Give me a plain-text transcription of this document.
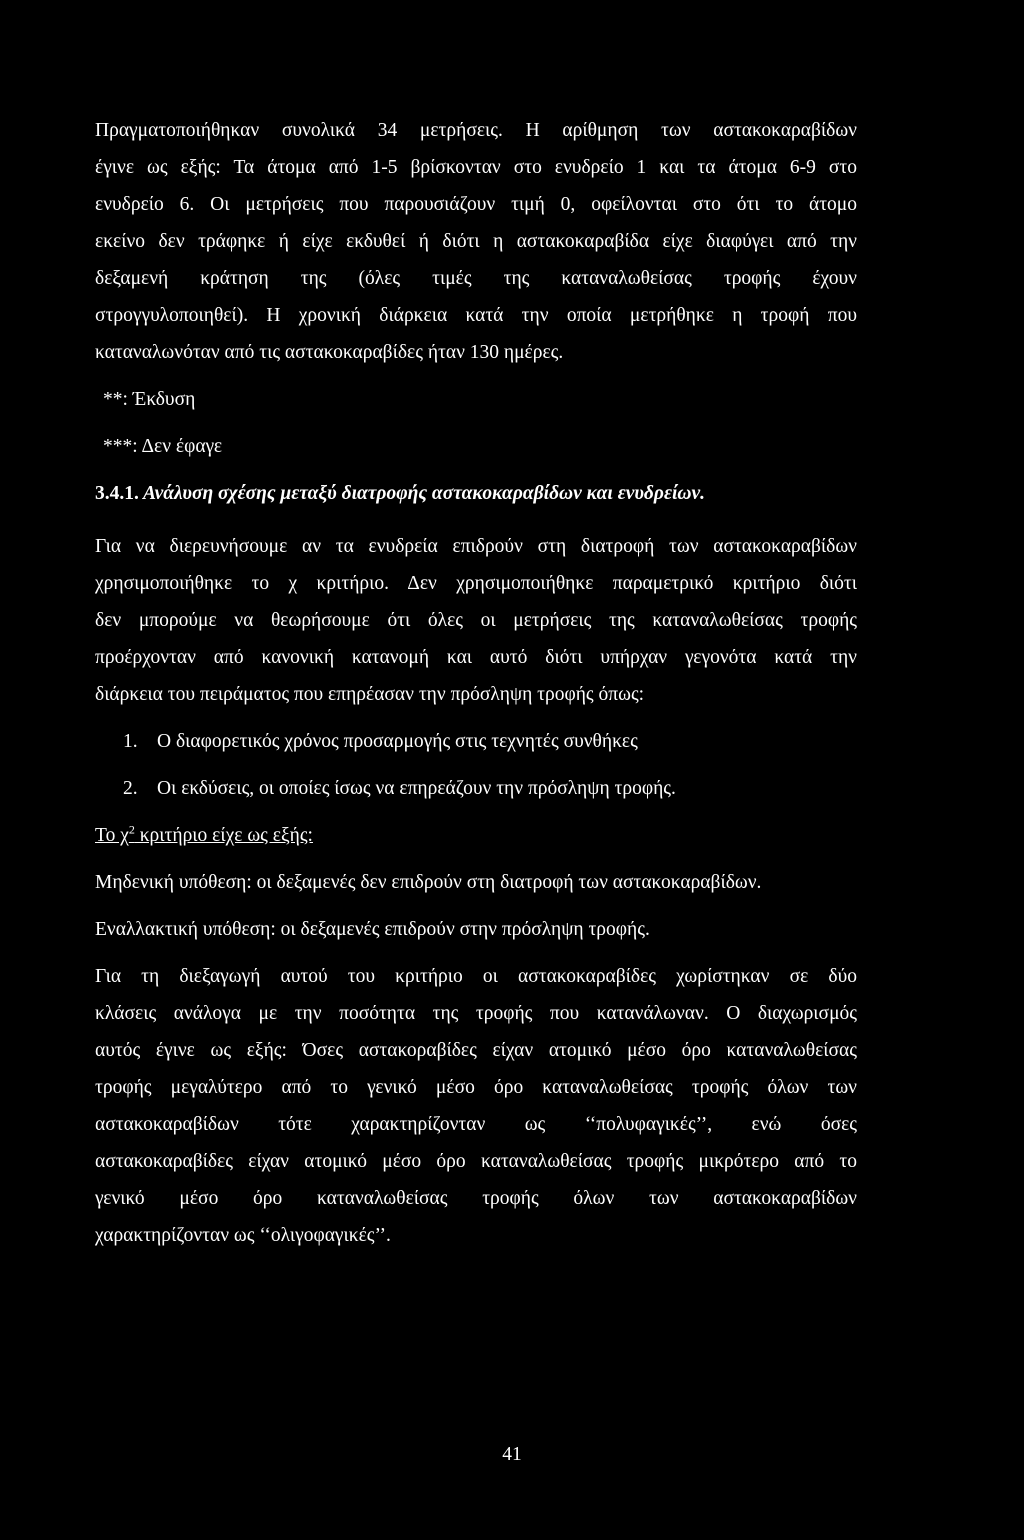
Πραγματοποιήθηκαν συνολικά 34 μετρήσεις. Η αρίθμηση των αστακοκαραβίδων
έγινε ως εξής: Τα άτομα από 1-5 βρίσκονταν στο ενυδρείο 1 και τα άτομα 6-9 στο
ενυδρείο 6. Οι μετρήσεις που παρουσιάζουν τιμή 0, οφείλονται στο ότι το άτομο
εκείνο δεν τράφηκε ή είχε εκδυθεί ή διότι η αστακοκαραβίδα είχε διαφύγει από την
δεξαμενή κράτηση της (όλες τιμές της καταναλωθείσας τροφής έχουν
στρογγυλοποιηθεί). Η χρονική διάρκεια κατά την οποία μετρήθηκε η τροφή που
καταναλωνόταν από τις αστακοκαραβίδες ήταν 130 ημέρες.
**: Έκδυση
***: Δεν έφαγε
3.4.1. Ανάλυση σχέσης μεταξύ διατροφής αστακοκαραβίδων και ενυδρείων.
Για να διερευνήσουμε αν τα ενυδρεία επιδρούν στη διατροφή των αστακοκαραβίδων
χρησιμοποιήθηκε το χ κριτήριο. Δεν χρησιμοποιήθηκε παραμετρικό κριτήριο διότι
δεν μπορούμε να θεωρήσουμε ότι όλες οι μετρήσεις της καταναλωθείσας τροφής
προέρχονταν από κανονική κατανομή και αυτό διότι υπήρχαν γεγονότα κατά την
διάρκεια του πειράματος που επηρέασαν την πρόσληψη τροφής όπως:
1. Ο διαφορετικός χρόνος προσαρμογής στις τεχνητές συνθήκες
2. Οι εκδύσεις, οι οποίες ίσως να επηρεάζουν την πρόσληψη τροφής.
Το $\chi^2$ κριτήριο είχε ως εξής:
Μηδενική υπόθεση: οι δεξαμενές δεν επιδρούν στη διατροφή των αστακοκαραβίδων.
Εναλλακτική υπόθεση: οι δεξαμενές επιδρούν στην πρόσληψη τροφής.
Για τη διεξαγωγή αυτού του κριτήριο οι αστακοκαραβίδες χωρίστηκαν σε δύο
κλάσεις ανάλογα με την ποσότητα της τροφής που κατανάλωναν. Ο διαχωρισμός
αυτός έγινε ως εξής: Όσες αστακοραβίδες είχαν ατομικό μέσο όρο καταναλωθείσας
τροφής μεγαλύτερο από το γενικό μέσο όρο καταναλωθείσας τροφής όλων των
αστακοκαραβίδων τότε χαρακτηρίζονταν ως ‘‘πολυφαγικές’’, ενώ όσες
αστακοκαραβίδες είχαν ατομικό μέσο όρο καταναλωθείσας τροφής μικρότερο από το
γενικό μέσο όρο καταναλωθείσας τροφής όλων των αστακοκαραβίδων
χαρακτηρίζονταν ως ‘‘ολιγοφαγικές’’.
41
